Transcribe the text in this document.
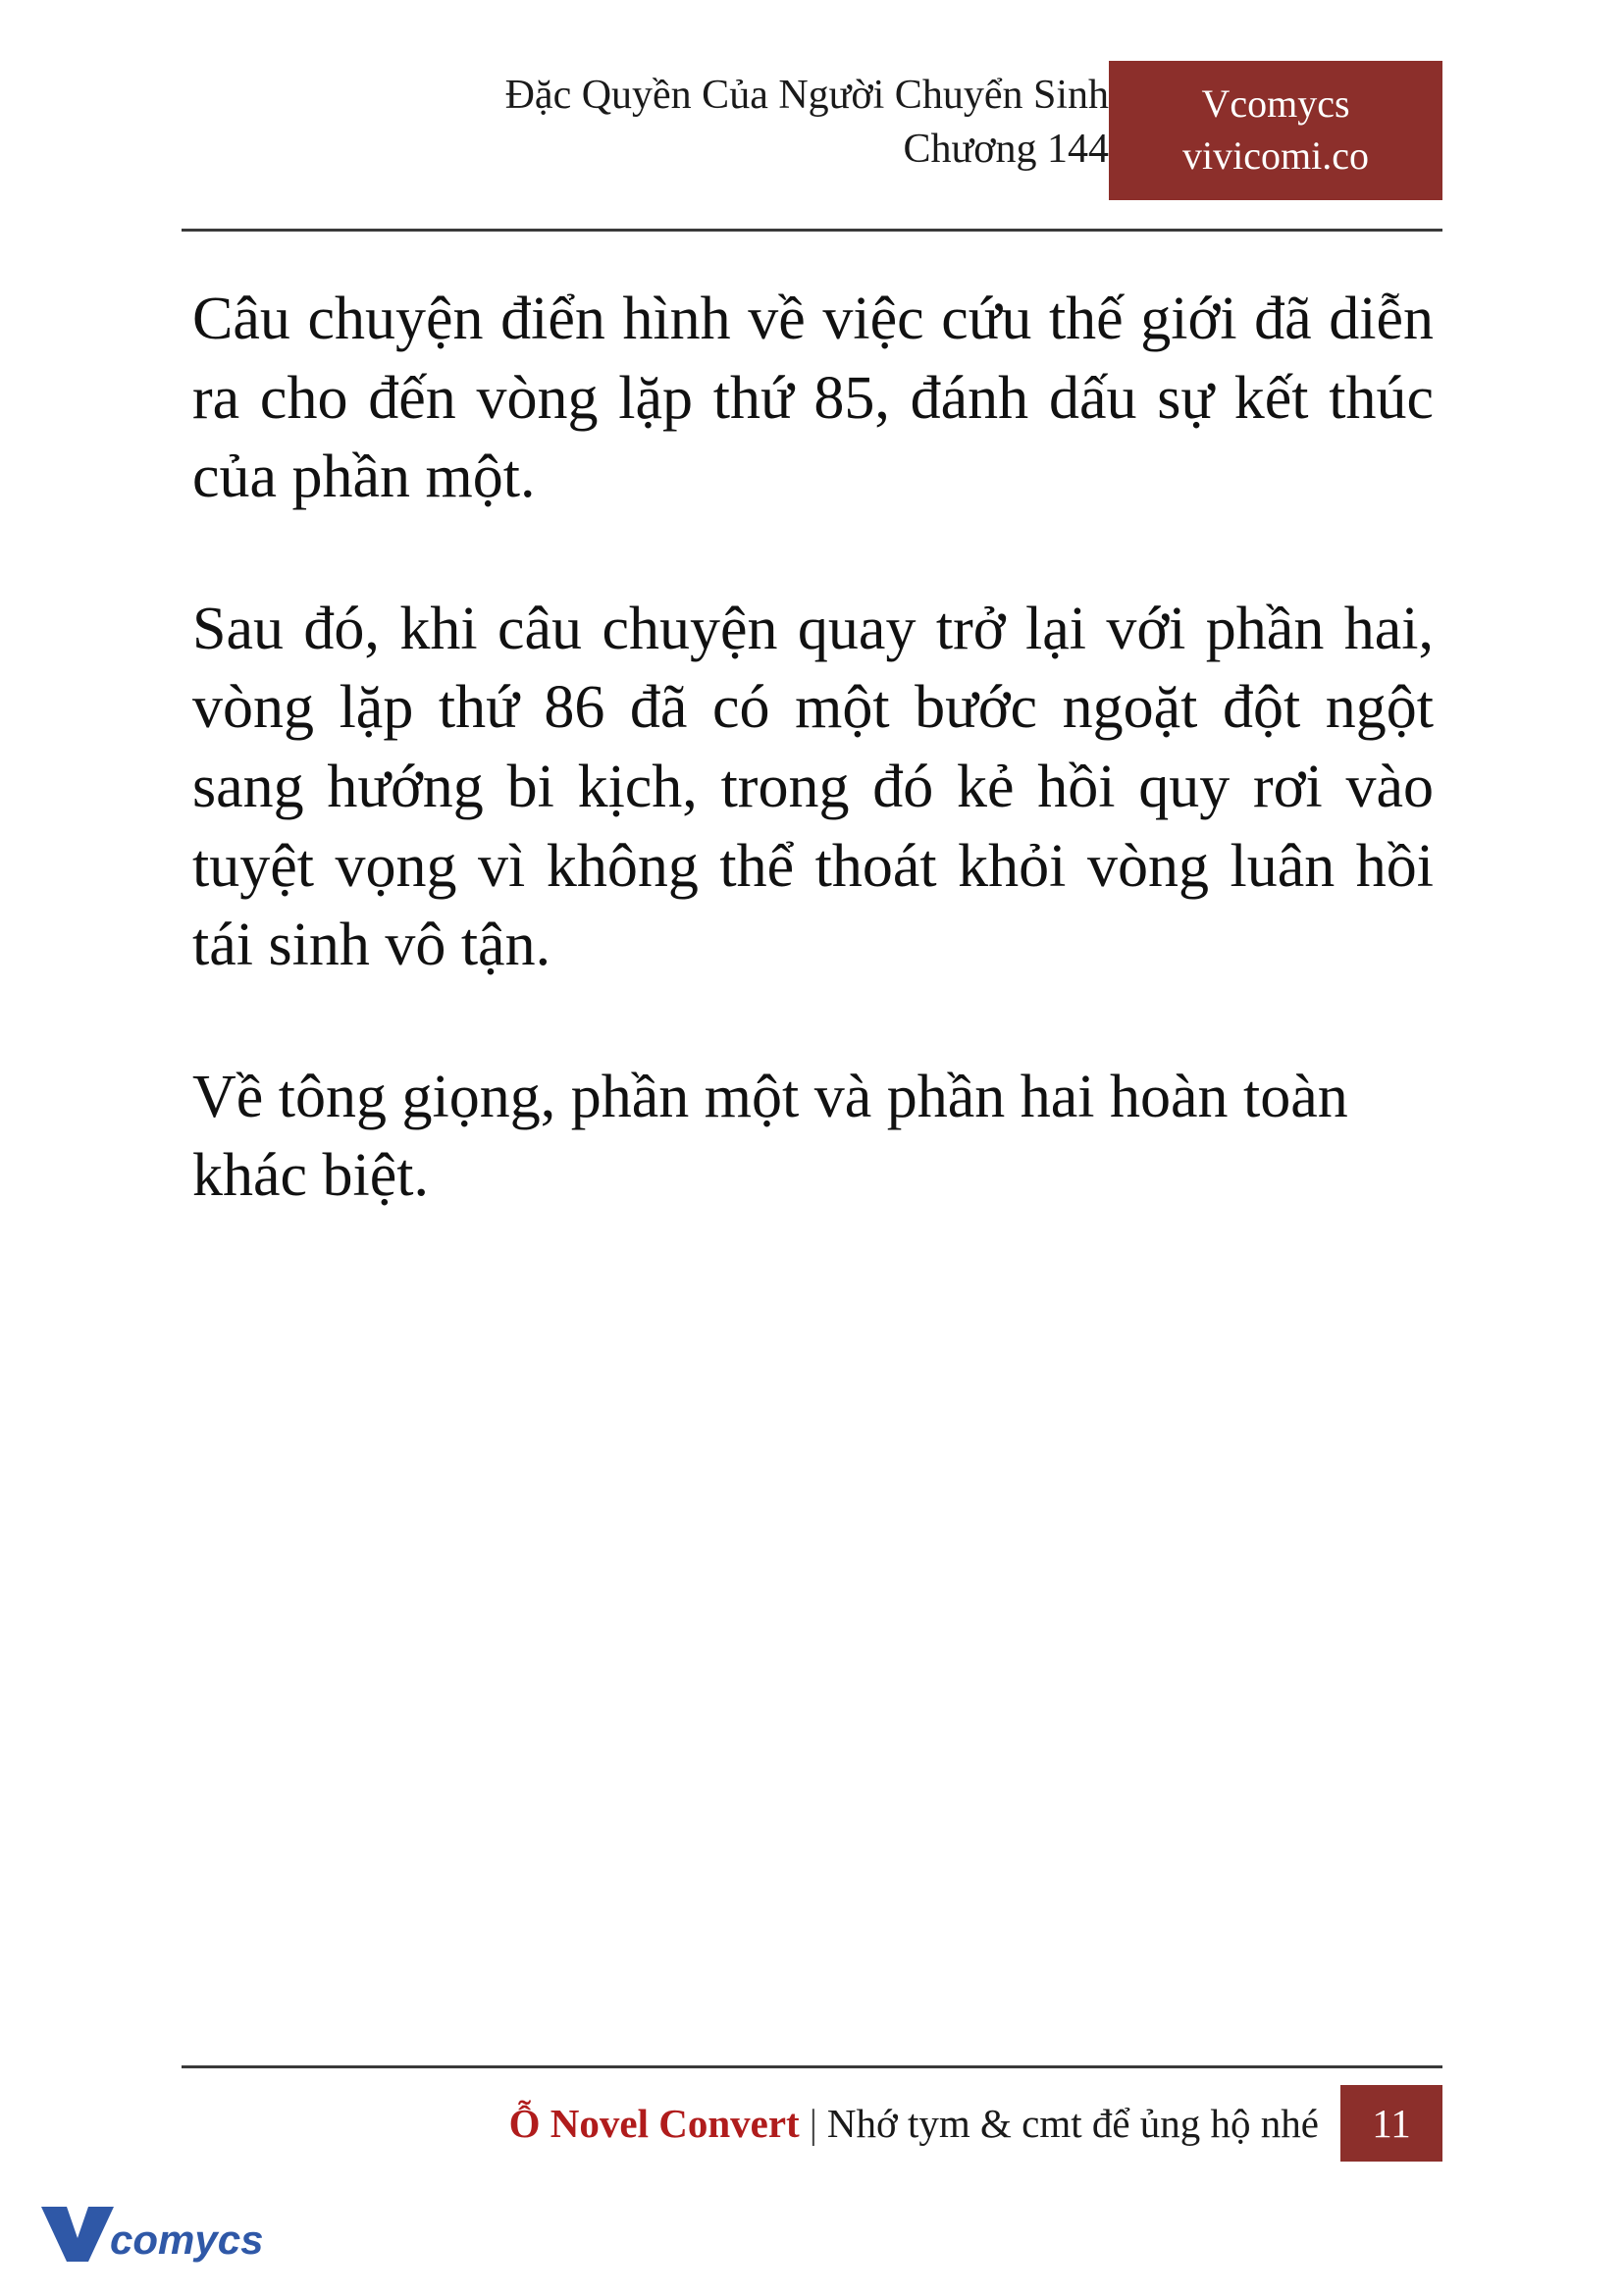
Đặc Quyền Của Người Chuyển Sinh
Chương 144
Vcomycs
vivicomi.co

Câu chuyện điển hình về việc cứu thế giới đã diễn ra cho đến vòng lặp thứ 85, đánh dấu sự kết thúc của phần một.

Sau đó, khi câu chuyện quay trở lại với phần hai, vòng lặp thứ 86 đã có một bước ngoặt đột ngột sang hướng bi kịch, trong đó kẻ hồi quy rơi vào tuyệt vọng vì không thể thoát khỏi vòng luân hồi tái sinh vô tận.

Về tông giọng, phần một và phần hai hoàn toàn khác biệt.

Ỗ Novel Convert | Nhớ tym & cmt để ủng hộ nhé	11
comycs
